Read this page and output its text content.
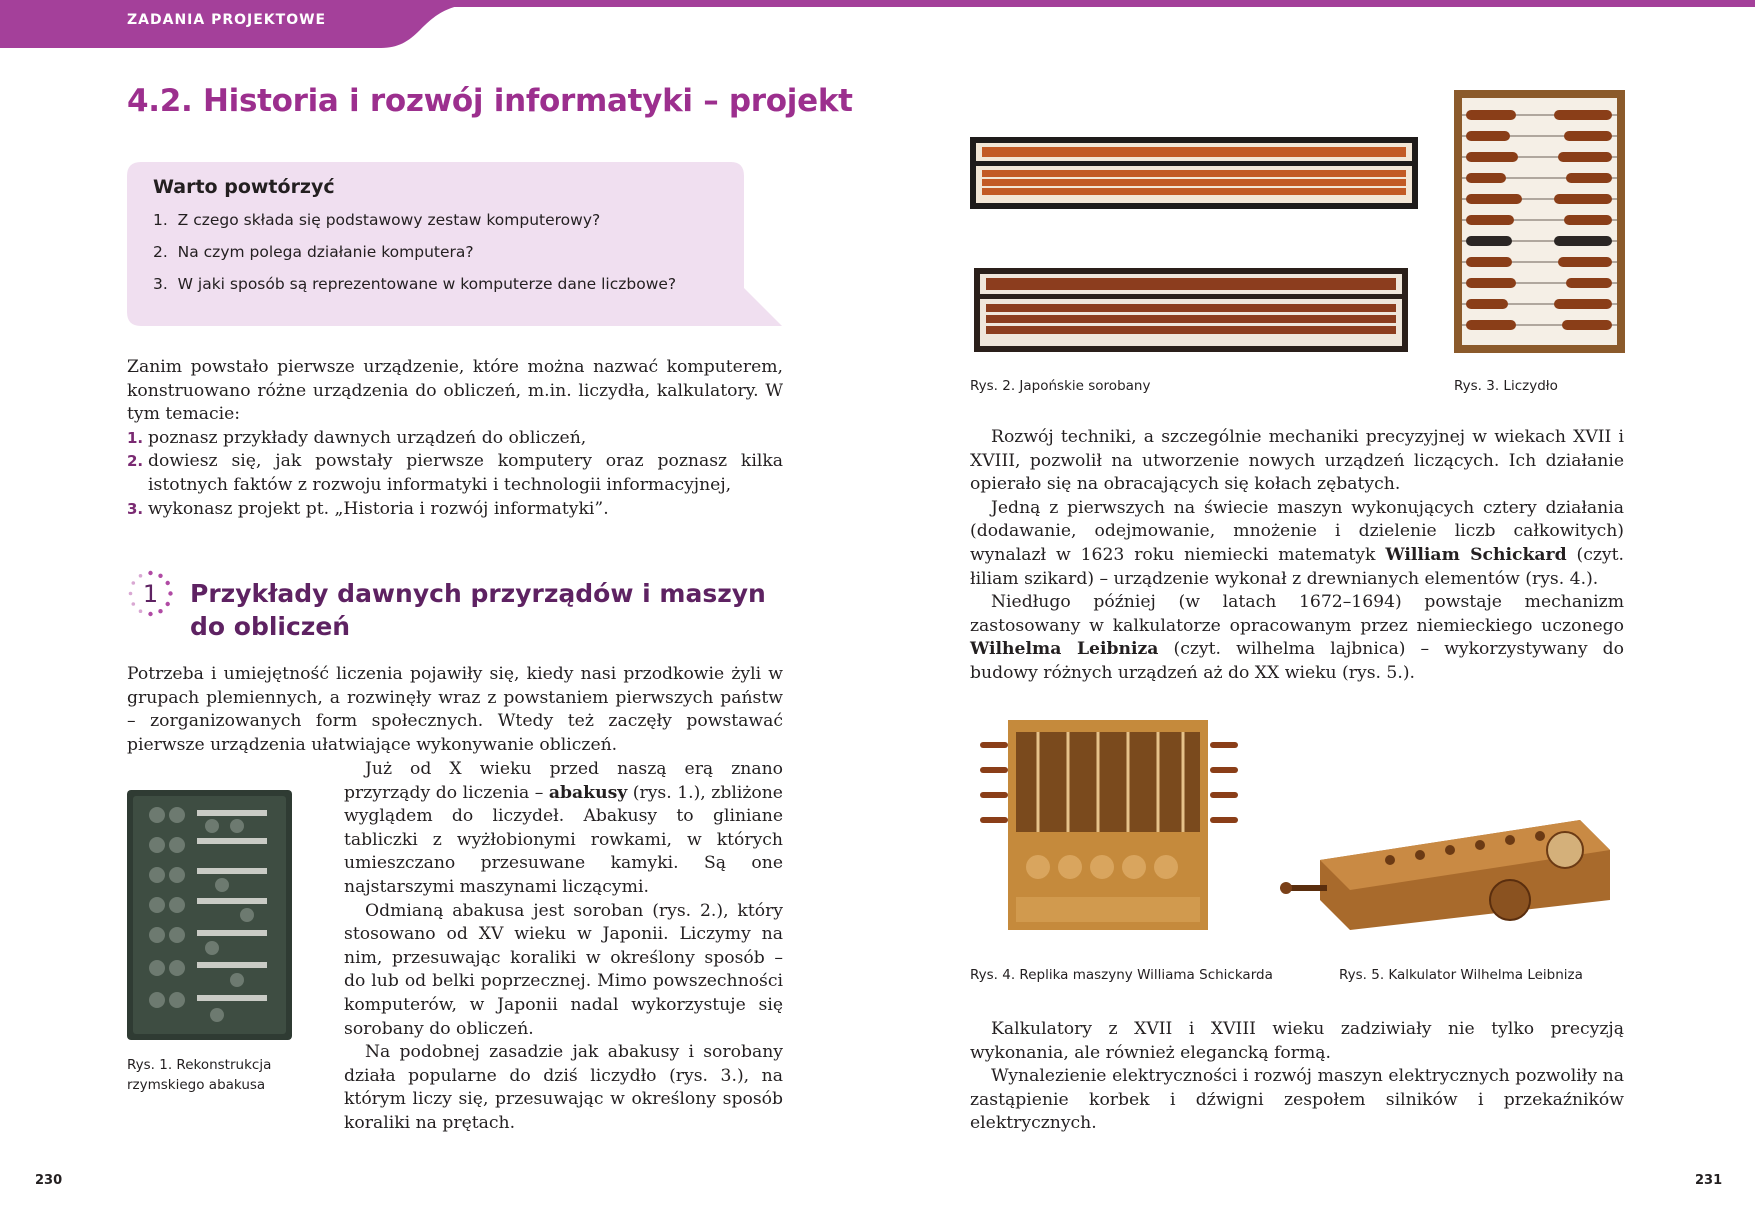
ZADANIA PROJEKTOWE
4.2. Historia i rozwój informatyki – projekt
Warto powtórzyć
1.  Z czego składa się podstawowy zestaw komputerowy?
2.  Na czym polega działanie komputera?
3.  W jaki sposób są reprezentowane w komputerze dane liczbowe?

Zanim powstało pierwsze urządzenie, które można nazwać komputerem, konstruowano różne urządzenia do obliczeń, m.in. liczydła, kalkulatory. W tym temacie:

1. poznasz przykłady dawnych urządzeń do obliczeń,
2. dowiesz się, jak powstały pierwsze komputery oraz poznasz kilka istotnych faktów z rozwoju informatyki i technologii informacyjnej,
3. wykonasz projekt pt. „Historia i rozwój informatyki”.
1 Przykłady dawnych przyrządów i maszyn
do obliczeń

Potrzeba i umiejętność liczenia pojawiły się, kiedy nasi przodkowie żyli w grupach plemiennych, a rozwinęły wraz z powstaniem pierwszych państw – zorganizowanych form społecznych. Wtedy też zaczęły powstawać pierwsze urządzenia ułatwiające wykonywanie obliczeń.

Już od X wieku przed naszą erą znano przyrządy do liczenia – abakusy (rys. 1.), zbliżone wyglądem do liczydeł. Abakusy to gliniane tabliczki z wyżłobionymi rowkami, w których umieszczano przesuwane kamyki. Są one najstarszymi maszynami liczącymi.

Odmianą abakusa jest soroban (rys. 2.), który stosowano od XV wieku w Japonii. Liczymy na nim, przesuwając koraliki w określony sposób – do lub od belki poprzecznej. Mimo powszechności komputerów, w Japonii nadal wykorzystuje się sorobany do obliczeń.

Na podobnej zasadzie jak abakusy i sorobany działa popularne do dziś liczydło (rys. 3.), na którym liczy się, przesuwając w określony sposób koraliki na prętach.

Rys. 1. Rekonstrukcja
rzymskiego abakusa
Rys. 2. Japońskie sorobany	Rys. 3. Liczydło

Rozwój techniki, a szczególnie mechaniki precyzyjnej w wiekach XVII i XVIII, pozwolił na utworzenie nowych urządzeń liczących. Ich działanie opierało się na obracających się kołach zębatych.

Jedną z pierwszych na świecie maszyn wykonujących cztery działania (dodawanie, odejmowanie, mnożenie i dzielenie liczb całkowitych) wynalazł w 1623 roku niemiecki matematyk William Schickard (czyt. łiliam szikard) – urządzenie wykonał z drewnianych elementów (rys. 4.).

Niedługo później (w latach 1672–1694) powstaje mechanizm zastosowany w kalkulatorze opracowanym przez niemieckiego uczonego Wilhelma Leibniza (czyt. wilhelma lajbnica) – wykorzystywany do budowy różnych urządzeń aż do XX wieku (rys. 5.).

Rys. 4. Replika maszyny Williama Schickarda	Rys. 5. Kalkulator Wilhelma Leibniza

Kalkulatory z XVII i XVIII wieku zadziwiały nie tylko precyzją wykonania, ale również elegancką formą.

Wynalezienie elektryczności i rozwój maszyn elektrycznych pozwoliły na zastąpienie korbek i dźwigni zespołem silników i przekaźników elektrycznych.

230	231
